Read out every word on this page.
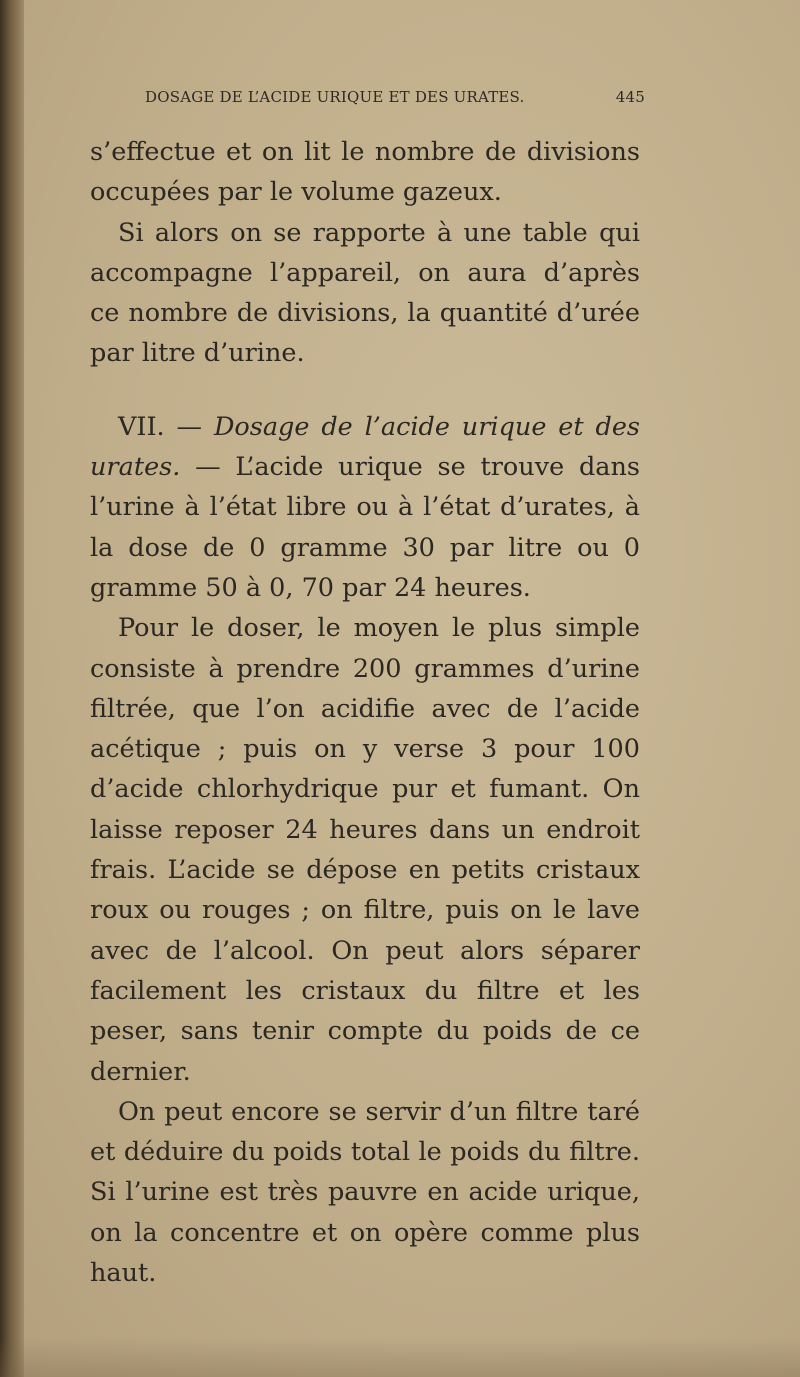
DOSAGE DE L’ACIDE URIQUE ET DES URATES.	445

s’effectue et on lit le nombre de divisions occupées par le volume gazeux.

Si alors on se rapporte à une table qui accompagne l’appareil, on aura d’après ce nombre de divisions, la quantité d’urée par litre d’urine.

VII. — Dosage de l’acide urique et des urates. — L’acide urique se trouve dans l’urine à l’état libre ou à l’état d’urates, à la dose de 0 gramme 30 par litre ou 0 gramme 50 à 0, 70 par 24 heures.

Pour le doser, le moyen le plus simple consiste à prendre 200 grammes d’urine filtrée, que l’on acidifie avec de l’acide acétique ; puis on y verse 3 pour 100 d’acide chlorhydrique pur et fumant. On laisse reposer 24 heures dans un endroit frais. L’acide se dépose en petits cristaux roux ou rouges ; on filtre, puis on le lave avec de l’alcool. On peut alors séparer facilement les cristaux du filtre et les peser, sans tenir compte du poids de ce dernier.

On peut encore se servir d’un filtre taré et déduire du poids total le poids du filtre. Si l’urine est très pauvre en acide urique, on la concentre et on opère comme plus haut.
